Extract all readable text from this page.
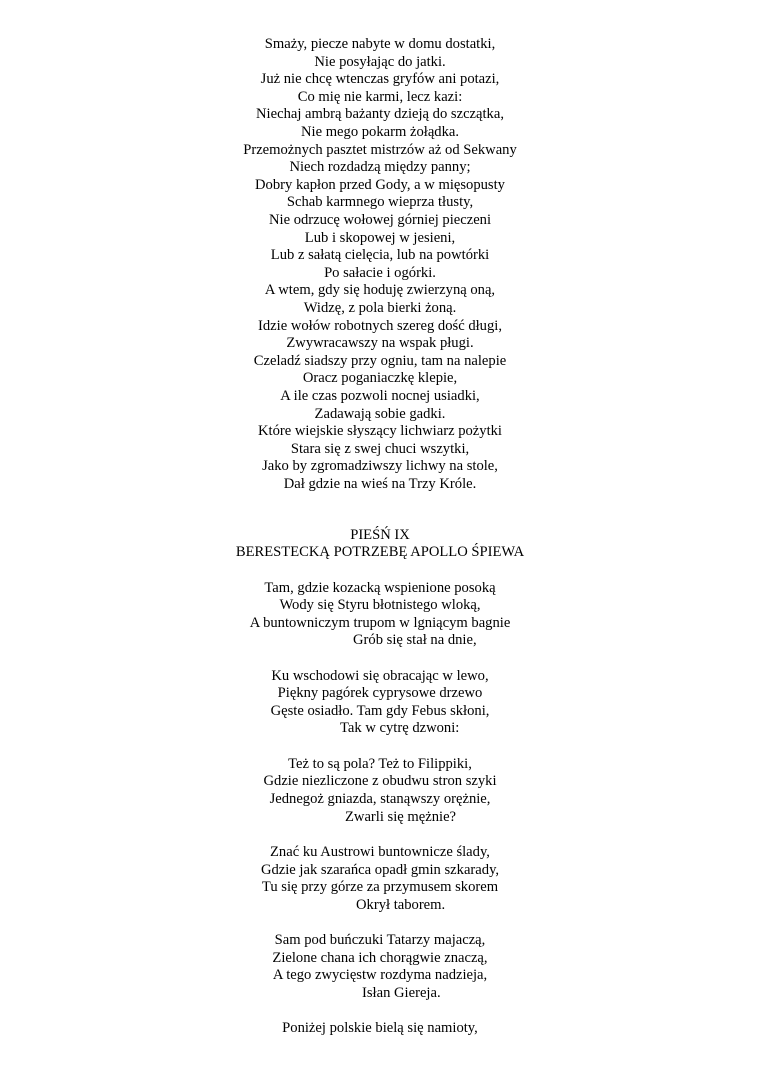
Smaży, piecze nabyte w domu dostatki,
Nie posyłając do jatki.
Już nie chcę wtenczas gryfów ani potazi,
Co mię nie karmi, lecz kazi:
Niechaj ambrą bażanty dzieją do szczątka,
Nie mego pokarm żołądka.
Przemożnych pasztet mistrzów aż od Sekwany
Niech rozdadzą między panny;
Dobry kapłon przed Gody, a w mięsopusty
Schab karmnego wieprza tłusty,
Nie odrzucę wołowej górniej pieczeni
Lub i skopowej w jesieni,
Lub z sałatą cielęcia, lub na powtórki
Po sałacie i ogórki.
A wtem, gdy się hoduję zwierzyną oną,
Widzę, z pola bierki żoną.
Idzie wołów robotnych szereg dość długi,
Zwywracawszy na wspak pługi.
Czeladź siadszy przy ogniu, tam na nalepie
Oracz poganiaczkę klepie,
A ile czas pozwoli nocnej usiadki,
Zadawają sobie gadki.
Które wiejskie słyszący lichwiarz pożytki
Stara się z swej chuci wszytki,
Jako by zgromadziwszy lichwy na stole,
Dał gdzie na wieś na Trzy Króle.
PIEŚŃ IX
BERESTECKĄ POTRZEBĘ APOLLO ŚPIEWA
Tam, gdzie kozacką wspienione posoką
Wody się Styru błotnistego wloką,
A buntowniczym trupom w lgniącym bagnie
Grób się stał na dnie,
Ku wschodowi się obracając w lewo,
Piękny pagórek cyprysowe drzewo
Gęste osiadło. Tam gdy Febus skłoni,
Tak w cytrę dzwoni:
Też to są pola? Też to Filippiki,
Gdzie niezliczone z obudwu stron szyki
Jednegoż gniazda, stanąwszy orężnie,
Zwarli się mężnie?
Znać ku Austrowi buntownicze ślady,
Gdzie jak szarańca opadł gmin szkarady,
Tu się przy górze za przymusem skorem
Okrył taborem.
Sam pod buńczuki Tatarzy majaczą,
Zielone chana ich chorągwie znaczą,
A tego zwycięstw rozdyma nadzieja,
Isłan Giereja.
Poniżej polskie bielą się namioty,
